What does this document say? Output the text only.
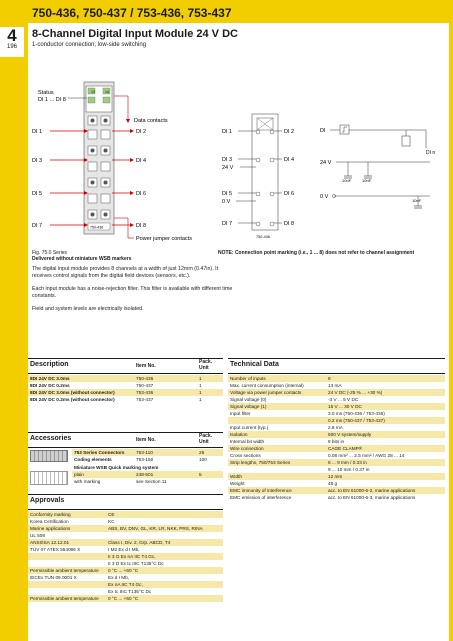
750-436, 750-437 / 753-436, 753-437
4
196
8-Channel Digital Input Module 24 V DC
1-conductor connection; low-side switching
13	14
750-436
Status
DI 1 ... DI 8
Data contacts
DI 1
DI 3
DI 5
DI 7
DI 2
DI 4
DI 6
DI 8
Power jumper contacts
Fig. 75.0 Series
Delivered without miniature WSB markers
750-436
DI 1
DI 3
24 V
DI 5
0 V
DI 7
DI 2
DI 4
DI 6
DI 8
DI
DI n
24 V
10nF	10nF
0 V
10nF
NOTE: Connection point marking (i.e., 1 ... 8) does not refer to channel assignment
The digital input module provides 8 channels at a width of just 12mm (0.47in). It receives control signals from the digital field devices (sensors, etc.).
Each input module has a noise-rejection filter. This filter is available with different time constants.
Field and system levels are electrically isolated.
Description	Item No.
Pack. Unit
8DI 24V DC 3.0ms	750-436	1
8DI 24V DC 0.2ms	750-437	1
8DI 24V DC 3.0ms (without connector)	753-436	1
8DI 24V DC 0.2ms (without connector)	753-437	1
Accessories	Item No.
Pack. Unit
753 Series Connectors 753-110	25
Coding elements	753-150	100
Miniature WSB Quick marking system
plain	248-501	5
with marking	see Section 11
Approvals
Conformity marking	CE
Korea Certification	KC
Marine applications	ABS, BV, DNV, GL, KR, LR, NKK, PRS, RINA
UL 508
ANSI/ISA 12.12.01	Class I, Div. 2, Grp. ABCD, T4
TÜV 07 ATEX 554086 X	I M2 Ex d I Mb,
II 3 G Ex nA IIC T4 Gc,
II 3 D Ex tc IIIC T135°C Dc
Permissible ambient temperature 0 °C ... +60 °C
IECEx TUN 09.0001 X	Ex d I Mb,
Ex nA IIC T4 Gc,
Ex tc IIIC T135°C Dc
Permissible ambient temperature 0 °C ... +60 °C
Technical Data
Number of inputs	8
Max. current consumption (internal)	13 mA
Voltage via power jumper contacts	24 V DC (-25 % ... +30 %)
Signal voltage (0)	-3 V ... 5 V DC
Signal voltage (1)	15 V ... 30 V DC
Input filter	3.0 ms (750-436 / 753-436)
0.2 ms (750-437 / 753-437)
Input current (typ.)	2.8 mA
Isolation	500 V system/supply
Internal bit width	8 bits in
Wire connection	CAGE CLAMP®
Cross sections	0.08 mm² ... 2.5 mm² / AWG 28 ... 14
Strip lengths, 750/753 Series	8 ... 9 mm / 0.33 in
9 ... 10 mm / 0.37 in
Width	12 mm
Weight	48 g
EMC immunity of interference	acc. to EN 61000-6-2, marine applications
EMC emission of interference	acc. to EN 61000-6-3, marine applications
